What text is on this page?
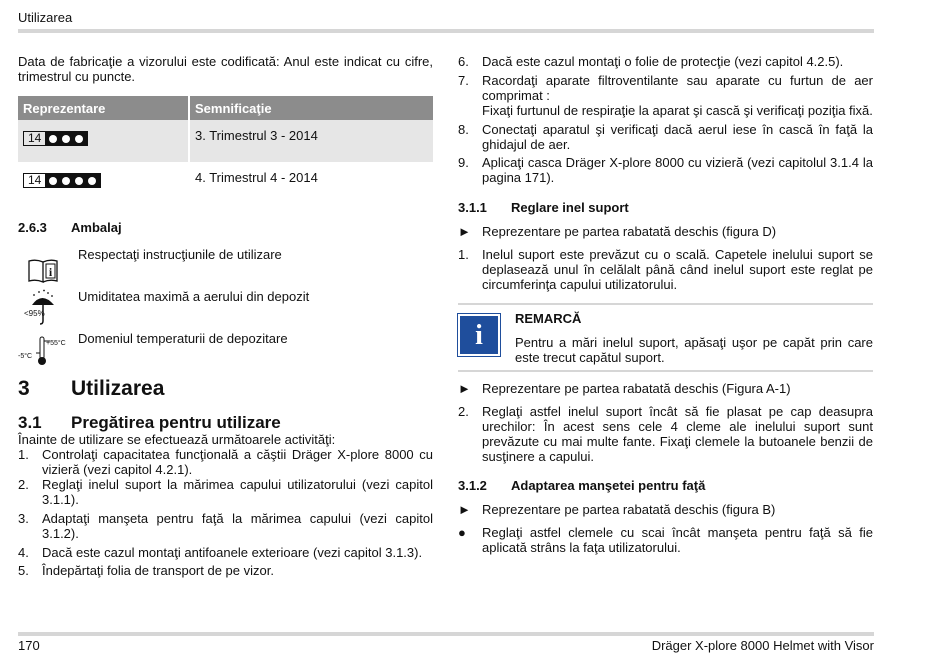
Utilizarea

Data de fabricaţie a vizorului este codificată: Anul este indicat cu cifre, trimestrul cu puncte.

Reprezentare	Semnificaţie

14	3. Trimestrul 3 - 2014

14	4. Trimestrul 4 - 2014
2.6.3	Ambalaj
i
Respectaţi instrucţiunile de utilizare
<95%
Umiditatea maximă a aerului din depozit
-5°C
+55°C Domeniul temperaturii de depozitare
3	Utilizarea
3.1	Pregătirea pentru utilizare

Înainte de utilizare se efectuează următoarele activităţi:

1.	Controlaţi capacitatea funcţională a căştii Dräger X-plore 8000 cu vizieră (vezi capitol 4.2.1).
2.	Reglaţi inelul suport la mărimea capului utilizatorului (vezi capitol 3.1.1).
3.	Adaptaţi manşeta pentru faţă la mărimea capului (vezi capitol 3.1.2).
4.	Dacă este cazul montaţi antifoanele exterioare (vezi capitol 3.1.3).
5.	Îndepărtaţi folia de transport de pe vizor.
6.	Dacă este cazul montaţi o folie de protecţie (vezi capitol 4.2.5).
7.	Racordaţi aparate filtroventilante sau aparate cu furtun de aer comprimat :
Fixaţi furtunul de respiraţie la aparat şi cască şi verificaţi poziţia fixă.
8.	Conectaţi aparatul şi verificaţi dacă aerul iese în cască în faţă la ghidajul de aer.
9.	Aplicaţi casca Dräger X-plore 8000 cu vizieră (vezi capitolul 3.1.4 la pagina 171).
3.1.1	Reglare inel suport
► Reprezentare pe partea rabatată deschis (figura D)
1.	Inelul suport este prevăzut cu o scală. Capetele inelului suport se deplasează unul în celălalt până când inelul suport este reglat pe circumferinţa capului utilizatorului.
i
REMARCĂ
Pentru a mări inelul suport, apăsaţi uşor pe capăt prin care este trecut capătul suport.
► Reprezentare pe partea rabatată deschis (Figura A-1)
2.	Reglaţi astfel inelul suport încât să fie plasat pe cap deasupra urechilor: În acest sens cele 4 cleme ale inelului suport sunt prevăzute cu mai multe fante. Fixaţi clemele la butoanele benzii de susţinere a capului.
3.1.2	Adaptarea manşetei pentru faţă
► Reprezentare pe partea rabatată deschis (figura B)
●	Reglaţi astfel clemele cu scai încât manşeta pentru faţă să fie aplicată strâns la faţa utilizatorului.
170	Dräger X-plore 8000 Helmet with Visor
